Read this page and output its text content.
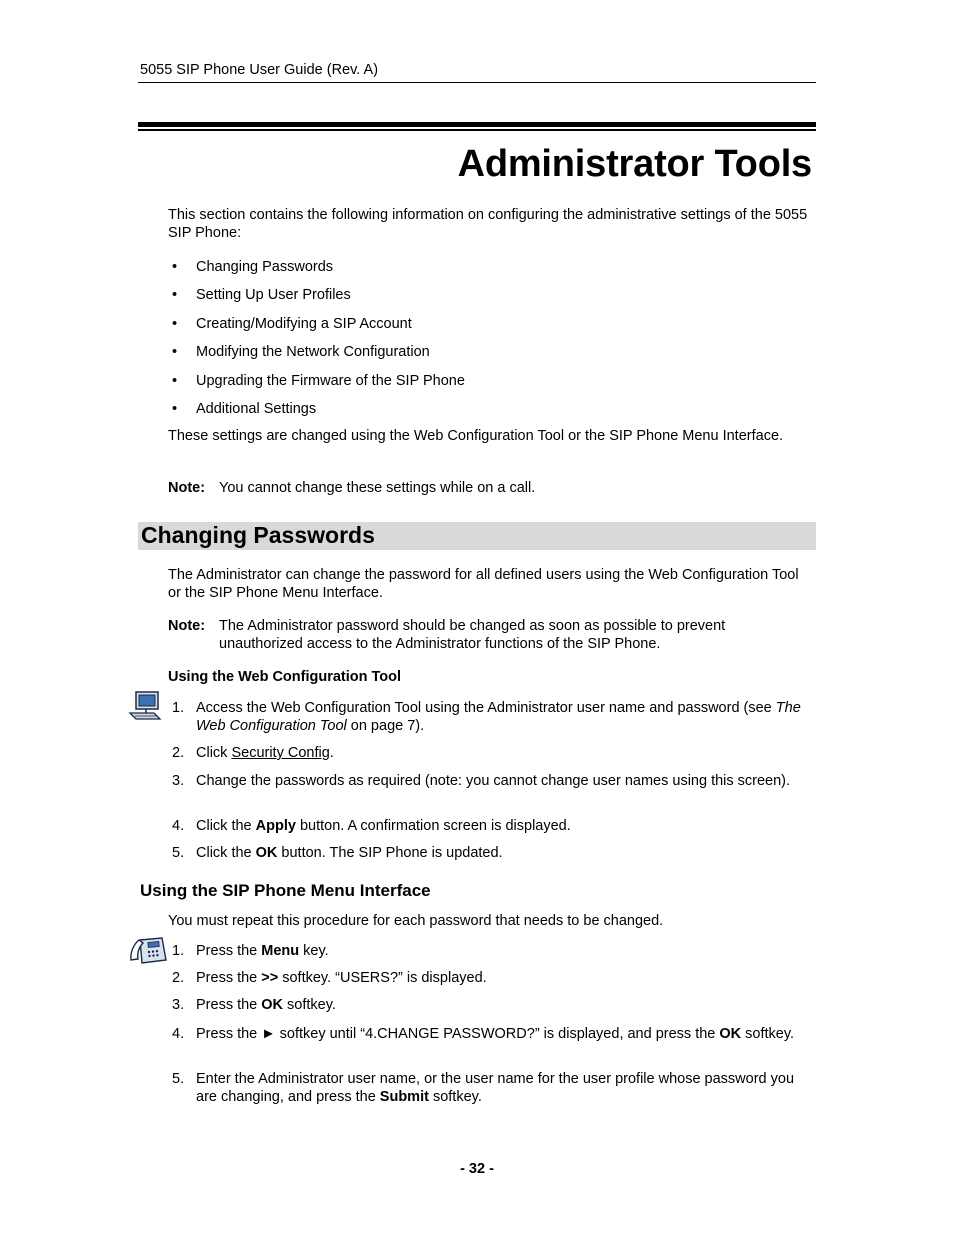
5055 SIP Phone User Guide (Rev. A)
Administrator Tools
This section contains the following information on configuring the administrative settings of the 5055 SIP Phone:
• Changing Passwords
• Setting Up User Profiles
• Creating/Modifying a SIP Account
• Modifying the Network Configuration
• Upgrading the Firmware of the SIP Phone
• Additional Settings
These settings are changed using the Web Configuration Tool or the SIP Phone Menu Interface.
Note: You cannot change these settings while on a call.
Changing Passwords
The Administrator can change the password for all defined users using the Web Configuration Tool or the SIP Phone Menu Interface.
Note: The Administrator password should be changed as soon as possible to prevent unauthorized access to the Administrator functions of the SIP Phone.
Using the Web Configuration Tool
1. Access the Web Configuration Tool using the Administrator user name and password (see The Web Configuration Tool on page 7).
2. Click Security Config.
3. Change the passwords as required (note: you cannot change user names using this screen).
4. Click the Apply button. A confirmation screen is displayed.
5. Click the OK button. The SIP Phone is updated.
Using the SIP Phone Menu Interface
You must repeat this procedure for each password that needs to be changed.
1. Press the Menu key.
2. Press the >> softkey. “USERS?” is displayed.
3. Press the OK softkey.
4. Press the ► softkey until “4.CHANGE PASSWORD?” is displayed, and press the OK softkey.
5. Enter the Administrator user name, or the user name for the user profile whose password you are changing, and press the Submit softkey.
- 32 -
